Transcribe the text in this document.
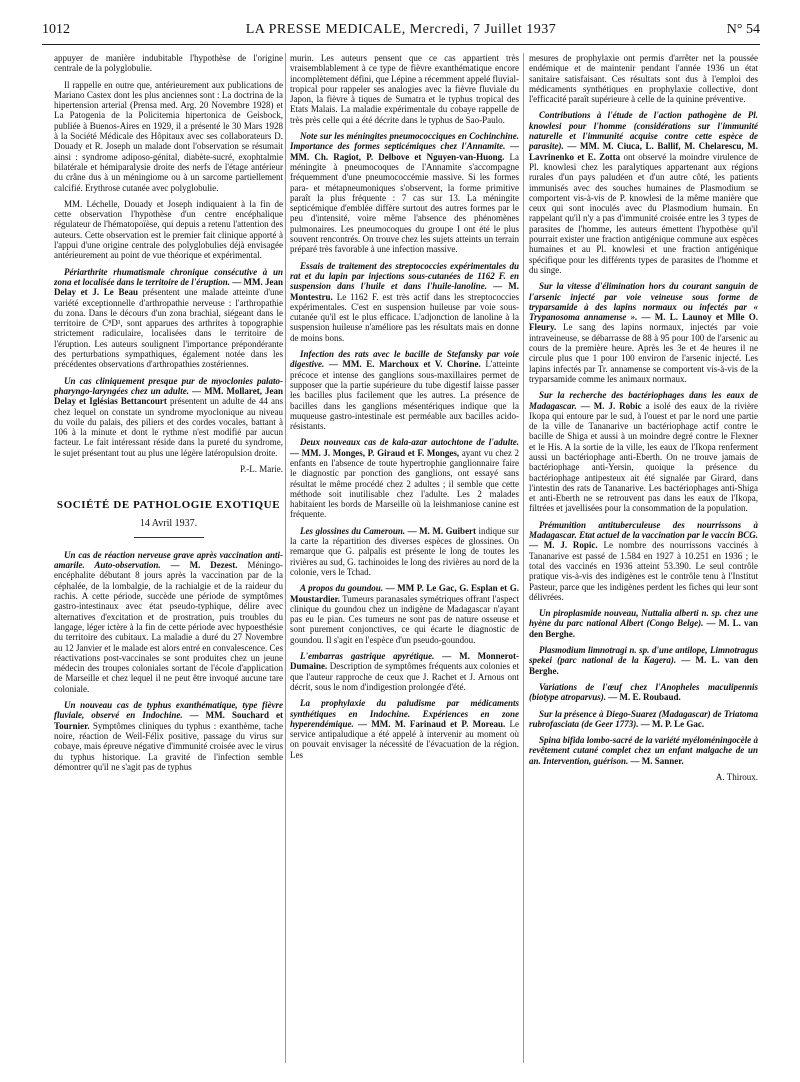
1012	LA PRESSE MEDICALE, Mercredi, 7 Juillet 1937	N° 54

appuyer de manière indubitable l'hypothèse de l'origine centrale de la polyglobulie.

Il rappelle en outre que, antérieurement aux publications de Mariano Castex dont les plus anciennes sont : La doctrina de la hipertension arterial (Prensa med. Arg. 20 Novembre 1928) et La Patogenia de la Policitemia hipertonica de Geisbock, publiée à Buenos-Aires en 1929, il a présenté le 30 Mars 1928 à la Société Médicale des Hôpitaux avec ses collaborateurs D. Douady et R. Joseph un malade dont l'observation se résumait ainsi : syndrome adiposo-génital, diabète-sucré, exophtalmie bilatérale et hémiparalysie droite des nerfs de l'étage antérieur du crâne dus à un méningiome ou à un sarcome partiellement calcifié. Erythrose cutanée avec polyglobulie.

MM. Léchelle, Douady et Joseph indiquaient à la fin de cette observation l'hypothèse d'un centre encéphalique régulateur de l'hématopoïèse, qui depuis a retenu l'attention des auteurs. Cette observation est le premier fait clinique apporté à l'appui d'une origine centrale des polyglobulies déjà envisagée antérieurement au point de vue théorique et expérimental.

Périarthrite rhumatismale chronique consécutive à un zona et localisée dans le territoire de l'éruption. — MM. Jean Delay et J. Le Beau présentent une malade atteinte d'une variété exceptionnelle d'arthropathie nerveuse : l'arthropathie du zona. Dans le décours d'un zona brachial, siégeant dans le territoire de C⁸D¹, sont apparues des arthrites à topographie strictement radiculaire, localisées dans le territoire de l'éruption. Les auteurs soulignent l'importance prépondérante des perturbations sympathiques, également notée dans les précédentes observations d'arthropathies zostériennes.

Un cas cliniquement presque pur de myoclonies palato-pharyngo-laryngées chez un adulte. — MM. Mollaret, Jean Delay et Iglésias Bettancourt présentent un adulte de 44 ans chez lequel on constate un syndrome myoclonique au niveau du voile du palais, des piliers et des cordes vocales, battant à 106 à la minute et dont le rythme n'est modifié par aucun facteur. Le fait intéressant réside dans la pureté du syndrome, le sujet présentant tout au plus une légère latéropulsion droite.

P.-L. Marie.
SOCIÉTÉ DE PATHOLOGIE EXOTIQUE
14 Avril 1937.

Un cas de réaction nerveuse grave après vaccination anti-amarile. Auto-observation. — M. Dezest. Méningo-encéphalite débutant 8 jours après la vaccination par de la céphalée, de la lombalgie, de la rachialgie et de la raideur du rachis. A cette période, succède une période de symptômes gastro-intestinaux avec état pseudo-typhique, délire avec alternatives d'excitation et de prostration, puis troubles du langage, léger ictère à la fin de cette période avec hypoesthésie du territoire des cubitaux. La maladie a duré du 27 Novembre au 12 Janvier et le malade est alors entré en convalescence. Ces réactivations post-vaccinales se sont produites chez un jeune médecin des troupes coloniales sortant de l'école d'application de Marseille et chez lequel il ne peut être invoqué aucune tare coloniale.

Un nouveau cas de typhus exanthématique, type fièvre fluviale, observé en Indochine. — MM. Souchard et Tournier. Symptômes cliniques du typhus : exanthème, tache noire, réaction de Weil-Félix positive, passage du virus sur cobaye, mais épreuve négative d'immunité croisée avec le virus du typhus historique. La gravité de l'infection semble démontrer qu'il ne s'agit pas de typhus

murin. Les auteurs pensent que ce cas appartient très vraisemblablement à ce type de fièvre exanthématique encore incomplètement défini, que Lépine a récemment appelé fluvial-tropical pour rappeler ses analogies avec la fièvre fluviale du Japon, la fièvre à tiques de Sumatra et le typhus tropical des Etats Malais. La maladie expérimentale du cobaye rappelle de très près celle qui a été décrite dans le typhus de Sao-Paulo.

Note sur les méningites pneumococciques en Cochinchine. Importance des formes septicémiques chez l'Annamite. — MM. Ch. Ragiot, P. Delbove et Nguyen-van-Huong. La méningite à pneumocoques de l'Annamite s'accompagne fréquemment d'une pneumococcémie massive. Si les formes para- et métapneumoniques s'observent, la forme primitive paraît la plus fréquente : 7 cas sur 13. La méningite septicémique d'emblée diffère surtout des autres formes par le peu d'intensité, voire même l'absence des phénomènes pulmonaires. Les pneumocoques du groupe I ont été le plus souvent rencontrés. On trouve chez les sujets atteints un terrain préparé très favorable à une infection massive.

Essais de traitement des streptococcies expérimentales du rat et du lapin par injections sous-cutanées de 1162 F. en suspension dans l'huile et dans l'huile-lanoline. — M. Montestru. Le 1162 F. est très actif dans les streptococcies expérimentales. C'est en suspension huileuse par voie sous-cutanée qu'il est le plus efficace. L'adjonction de lanoline à la suspension huileuse n'améliore pas les résultats mais en donne de moins bons.

Infection des rats avec le bacille de Stefansky par voie digestive. — MM. E. Marchoux et V. Chorine. L'atteinte précoce et intense des ganglions sous-maxillaires permet de supposer que la partie supérieure du tube digestif laisse passer les bacilles plus facilement que les autres. La présence de bacilles dans les ganglions mésentériques indique que la muqueuse gastro-intestinale est perméable aux bacilles acido-résistants.

Deux nouveaux cas de kala-azar autochtone de l'adulte. — MM. J. Monges, P. Giraud et F. Monges, ayant vu chez 2 enfants en l'absence de toute hypertrophie ganglionnaire faire le diagnostic par ponction des ganglions, ont essayé sans résultat le même procédé chez 2 adultes ; il semble que cette méthode soit inutilisable chez l'adulte. Les 2 malades habitaient les bords de Marseille où la leishmaniose canine est fréquente.

Les glossines du Cameroun. — M. M. Guibert indique sur la carte la répartition des diverses espèces de glossines. On remarque que G. palpalis est présente le long de toutes les rivières au sud, G. tachinoides le long des rivières au nord de la colonie, vers le Tchad.

A propos du goundou. — MM P. Le Gac, G. Esplan et G. Moustardier. Tumeurs paranasales symétriques offrant l'aspect clinique du goundou chez un indigène de Madagascar n'ayant pas eu le pian. Ces tumeurs ne sont pas de nature osseuse et sont purement conjonctives, ce qui écarte le diagnostic de goundou. Il s'agit en l'espèce d'un pseudo-goundou.

L'embarras gastrique apyrétique. — M. Monnerot-Dumaine. Description de symptômes fréquents aux colonies et que l'auteur rapproche de ceux que J. Rachet et J. Arnous ont décrit, sous le nom d'indigestion prolongée d'été.

La prophylaxie du paludisme par médicaments synthétiques en Indochine. Expériences en zone hyperendémique. — MM. M. Farinaud et P. Moreau. Le service antipaludique a été appelé à intervenir au moment où on pouvait envisager la nécessité de l'évacuation de la région. Les

mesures de prophylaxie ont permis d'arrêter net la poussée endémique et de maintenir pendant l'année 1936 un état sanitaire satisfaisant. Ces résultats sont dus à l'emploi des médicaments synthétiques en prophylaxie collective, dont l'efficacité paraît supérieure à celle de la quinine préventive.

Contributions à l'étude de l'action pathogène de Pl. knowlesi pour l'homme (considérations sur l'immunité naturelle et l'immunité acquise contre cette espèce de parasite). — MM. M. Ciuca, L. Ballif, M. Chelarescu, M. Lavrinenko et E. Zotta ont observé la moindre virulence de Pl. knowlesi chez les paralytiques appartenant aux régions rurales d'un pays paludéen et d'un autre côté, les patients immunisés avec des souches humaines de Plasmodium se comportent vis-à-vis de P. knowlesi de la même manière que ceux qui sont inoculés avec du Plasmodium humain. En rappelant qu'il n'y a pas d'immunité croisée entre les 3 types de parasites de l'homme, les auteurs émettent l'hypothèse qu'il pourrait exister une fraction antigénique commune aux espèces humaines et au Pl. knowlesi et une fraction antigénique spécifique pour les différents types de parasites de l'homme et du singe.

Sur la vitesse d'élimination hors du courant sanguin de l'arsenic injecté par voie veineuse sous forme de tryparsamide à des lapins normaux ou infectés par « Trypanosoma annamense ». — M. L. Launoy et Mlle O. Fleury. Le sang des lapins normaux, injectés par voie intraveineuse, se débarrasse de 88 à 95 pour 100 de l'arsenic au cours de la première heure. Après les 3e et 4e heures il ne circule plus que 1 pour 100 environ de l'arsenic injecté. Les lapins infectés par Tr. annamense se comportent vis-à-vis de la tryparsamide comme les animaux normaux.

Sur la recherche des bactériophages dans les eaux de Madagascar. — M. J. Robic a isolé des eaux de la rivière Ikopa qui entoure par le sud, à l'ouest et par le nord une partie de la ville de Tananarive un bactériophage actif contre le bacille de Shiga et aussi à un moindre degré contre le Flexner et le His. A la sortie de la ville, les eaux de l'Ikopa renferment aussi un bactériophage anti-Eberth. On ne trouve jamais de bactériophage anti-Yersin, quoique la présence du bactériophage antipesteux ait été signalée par Girard, dans l'intestin des rats de Tananarive. Les bactériophages anti-Shiga et anti-Eberth ne se retrouvent pas dans les eaux de l'Ikopa, filtrées et javellisées pour la consommation de la population.

Prémunition antituberculeuse des nourrissons à Madagascar. Etat actuel de la vaccination par le vaccin BCG. — M. J. Ropic. Le nombre des nourrissons vaccinés à Tananarive est passé de 1.584 en 1927 à 10.251 en 1936 ; le total des vaccinés en 1936 atteint 53.390. Le seul contrôle pratique vis-à-vis des indigènes est le contrôle tenu à l'Institut Pasteur, parce que les indigènes perdent les fiches qui leur sont délivrées.

Un piroplasmide nouveau, Nuttalia alberti n. sp. chez une hyène du parc national Albert (Congo Belge). — M. L. van den Berghe.

Plasmodium limnotragi n. sp. d'une antilope, Limnotragus spekei (parc national de la Kagera). — M. L. van den Berghe.

Variations de l'œuf chez l'Anopheles maculipennis (biotype atroparvus). — M. E. Roubaud.

Sur la présence à Diego-Suarez (Madagascar) de Triatoma rubrofasciata (de Geer 1773). — M. P. Le Gac.

Spina bifida lombo-sacré de la variété myéloméningocèle à revêtement cutané complet chez un enfant malgache de un an. Intervention, guérison. — M. Sanner.

A. Thiroux.
